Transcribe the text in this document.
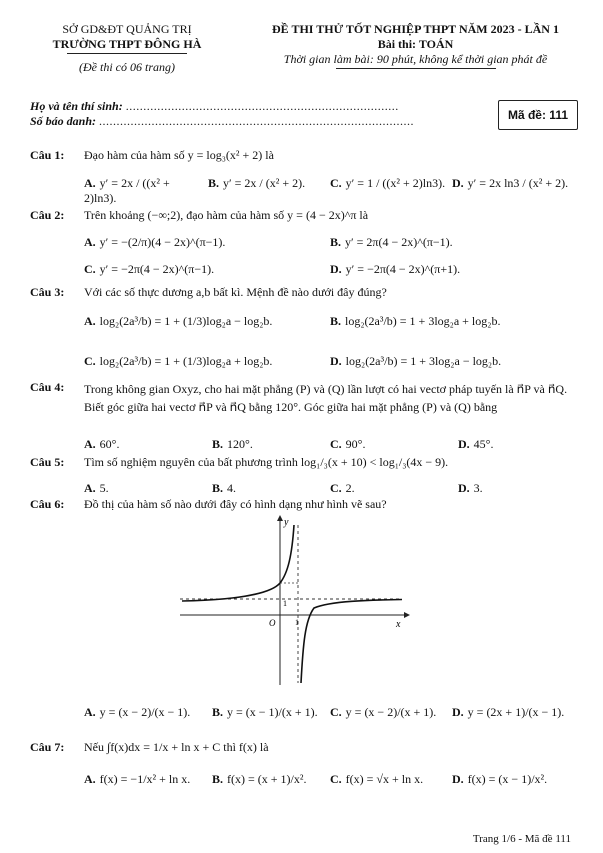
SỞ GD&ĐT QUẢNG TRỊ
TRƯỜNG THPT ĐÔNG HÀ
(Đề thi có 06 trang)
ĐỀ THI THỬ TỐT NGHIỆP THPT NĂM 2023 - LẦN 1
Bài thi: TOÁN
Thời gian làm bài: 90 phút, không kể thời gian phát đề
Họ và tên thí sinh: ..............................................................................
Số báo danh: ..........................................................................................	Mã đề: 111
Câu 1: Đạo hàm của hàm số y = log₃(x² + 2) là
A. y′ = 2x / ((x² + 2)ln3).
B. y′ = 2x / (x² + 2).	C. y′ = 1 / ((x² + 2)ln3). D. y′ = 2x ln3 / (x² + 2).
Câu 2: Trên khoảng (−∞;2), đạo hàm của hàm số y = (4 − 2x)^π là
A. y′ = −(2/π)(4 − 2x)^(π−1).	B. y′ = 2π(4 − 2x)^(π−1).
C. y′ = −2π(4 − 2x)^(π−1).	D. y′ = −2π(4 − 2x)^(π+1).
Câu 3: Với các số thực dương a,b bất kì. Mệnh đề nào dưới đây đúng?
A. log₂(2a³/b) = 1 + (1/3)log₂a − log₂b.	B. log₂(2a³/b) = 1 + 3log₂a + log₂b.
C. log₂(2a³/b) = 1 + (1/3)log₂a + log₂b.	D. log₂(2a³/b) = 1 + 3log₂a − log₂b.
Câu 4: Trong không gian Oxyz, cho hai mặt phẳng (P) và (Q) lần lượt có hai vectơ pháp tuyến là n⃗P và n⃗Q. Biết góc giữa hai vectơ n⃗P và n⃗Q bằng 120°. Góc giữa hai mặt phẳng (P) và (Q) bằng
A. 60°.	B. 120°.	C. 90°.	D. 45°.
Câu 5: Tìm số nghiệm nguyên của bất phương trình log₁/₃(x + 10) < log₁/₃(4x − 9).
A. 5.	B. 4.	C. 2.	D. 3.
Câu 6: Đồ thị của hàm số nào dưới đây có hình dạng như hình vẽ sau?
y
x
O 1
1
A. y = (x − 2)/(x − 1). B. y = (x − 1)/(x + 1). C. y = (x − 2)/(x + 1). D. y = (2x + 1)/(x − 1).
Câu 7: Nếu ∫f(x)dx = 1/x + ln x + C thì f(x) là
A. f(x) = −1/x² + ln x. B. f(x) = (x + 1)/x². C. f(x) = √x + ln x. D. f(x) = (x − 1)/x².
Trang 1/6 - Mã đề 111
